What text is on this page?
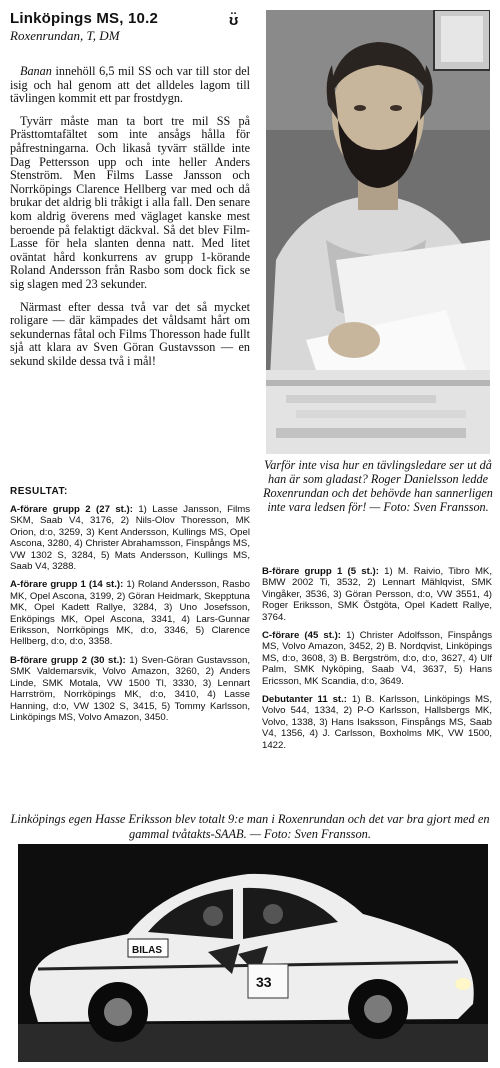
Linköpings MS, 10.2
Roxenrundan, T, DM
ʊ̈

Banan innehöll 6,5 mil SS och var till stor del isig och hal genom att det alldeles lagom till tävlingen kommit ett par frostdygn.

Tyvärr måste man ta bort tre mil SS på Prästtomtafältet som inte ansågs hålla för påfrestningarna. Och likaså tyvärr ställde inte Dag Pettersson upp och inte heller Anders Stenström. Men Films Lasse Jansson och Norrköpings Clarence Hellberg var med och då brukar det aldrig bli tråkigt i alla fall. Den senare kom aldrig överens med väglaget kanske mest beroende på felaktigt däckval. Så det blev Film-Lasse för hela slanten denna natt. Med litet oväntat hård konkurrens av grupp 1-körande Roland Andersson från Rasbo som dock fick se sig slagen med 23 sekunder.

Närmast efter dessa två var det så mycket roligare — där kämpades det våldsamt hårt om sekundernas fåtal och Films Thoresson hade fullt sjå att klara av Sven Göran Gustavsson — en sekund skilde dessa två i mål!

Varför inte visa hur en tävlingsledare ser ut då han är som gladast? Roger Danielsson ledde Roxenrundan och det behövde han sannerligen inte vara ledsen för! — Foto: Sven Fransson.
RESULTAT:
A-förare grupp 2 (27 st.): 1) Lasse Jansson, Films SKM, Saab V4, 3176, 2) Nils-Olov Thoresson, MK Orion, d:o, 3259, 3) Kent Andersson, Kullings MS, Opel Ascona, 3280, 4) Christer Abrahamsson, Finspångs MS, VW 1302 S, 3284, 5) Mats Andersson, Kullings MS, Saab V4, 3288.
A-förare grupp 1 (14 st.): 1) Roland Andersson, Rasbo MK, Opel Ascona, 3199, 2) Göran Heidmark, Skepptuna MK, Opel Kadett Rallye, 3284, 3) Uno Josefsson, Enköpings MK, Opel Ascona, 3341, 4) Lars-Gunnar Eriksson, Norrköpings MK, d:o, 3346, 5) Clarence Hellberg, d:o, d:o, 3358.
B-förare grupp 2 (30 st.): 1) Sven-Göran Gustavsson, SMK Valdemarsvik, Volvo Amazon, 3260, 2) Anders Linde, SMK Motala, VW 1500 Tl, 3330, 3) Lennart Harrström, Norrköpings MK, d:o, 3410, 4) Lasse Hanning, d:o, VW 1302 S, 3415, 5) Tommy Karlsson, Linköpings MS, Volvo Amazon, 3450.
B-förare grupp 1 (5 st.): 1) M. Raivio, Tibro MK, BMW 2002 Ti, 3532, 2) Lennart Mählqvist, SMK Vingåker, 3536, 3) Göran Persson, d:o, VW 3551, 4) Roger Eriksson, SMK Östgöta, Opel Kadett Rallye, 3764.
C-förare (45 st.): 1) Christer Adolfsson, Finspångs MS, Volvo Amazon, 3452, 2) B. Nordqvist, Linköpings MS, d:o, 3608, 3) B. Bergström, d:o, d:o, 3627, 4) Ulf Palm, SMK Nyköping, Saab V4, 3637, 5) Hans Ericsson, MK Scandia, d:o, 3649.
Debutanter 11 st.: 1) B. Karlsson, Linköpings MS, Volvo 544, 1334, 2) P-O Karlsson, Hallsbergs MK, Volvo, 1338, 3) Hans Isaksson, Finspångs MS, Saab V4, 1356, 4) J. Carlsson, Boxholms MK, VW 1500, 1422.
Linköpings egen Hasse Eriksson blev totalt 9:e man i Roxenrundan och det var bra gjort med en gammal tvåtakts-SAAB. — Foto: Sven Fransson.
BILAS
33
